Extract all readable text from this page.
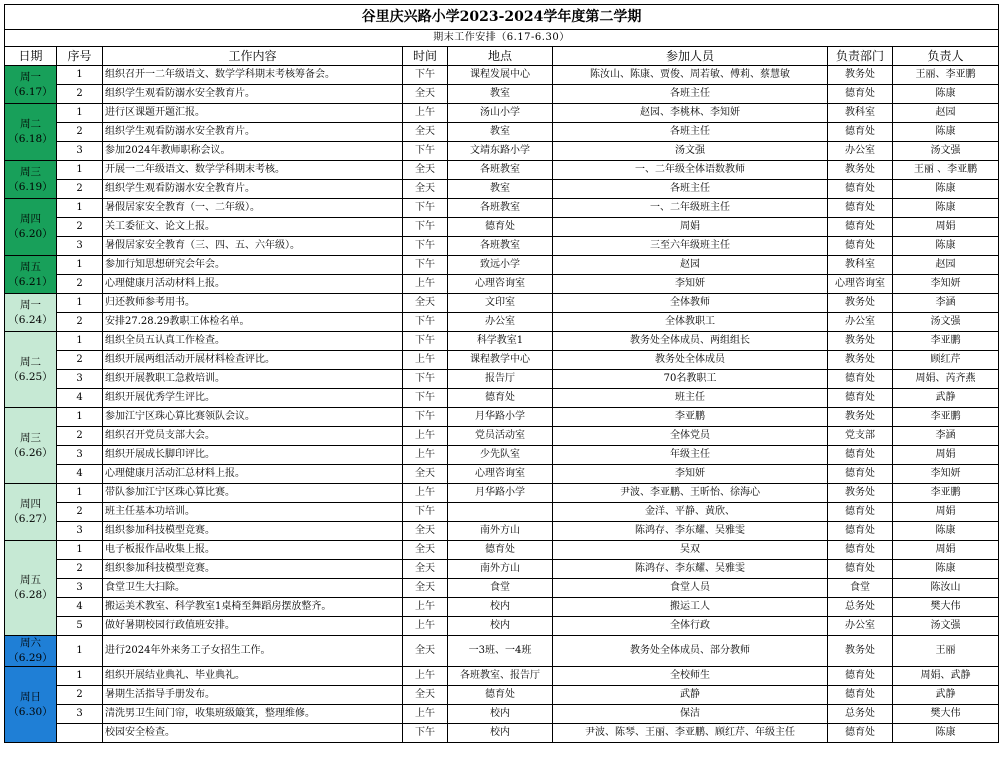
谷里庆兴路小学2023-2024学年度第二学期							
期末工作安排（6.17-6.30）							
日期	序号	工作内容	时间	地点	参加人员	负责部门	负责人

周一
（6.17）	1	组织召开一二年级语文、数学学科期末考核筹备会。	下午	课程发展中心	陈汝山、陈康、贾俊、周若敏、傅莉、蔡慧敏	教务处	王丽、李亚鹏
	2	组织学生观看防溺水安全教育片。	全天	教室	各班主任	德育处	陈康

周二
（6.18）	1	进行区课题开题汇报。	上午	汤山小学	赵园、李桃林、李知妍	教科室	赵园
	2	组织学生观看防溺水安全教育片。	全天	教室	各班主任	德育处	陈康
	3	参加2024年教师职称会议。	下午	文靖东路小学	汤文强	办公室	汤文强

周三
（6.19）	1	开展一二年级语文、数学学科期末考核。	全天	各班教室	一、二年级全体语数教师	教务处	王丽 、李亚鹏
	2	组织学生观看防溺水安全教育片。	全天	教室	各班主任	德育处	陈康

周四
（6.20）	1	暑假居家安全教育（一、二年级）。	下午	各班教室	一、二年级班主任	德育处	陈康
	2	关工委征文、论文上报。	下午	德育处	周娟	德育处	周娟
	3	暑假居家安全教育（三、四、五、六年级）。	下午	各班教室	三至六年级班主任	德育处	陈康

周五
（6.21）	1	参加行知思想研究会年会。	下午	致远小学	赵园	教科室	赵园
	2	心理健康月活动材料上报。	上午	心理咨询室	李知妍	心理咨询室	李知妍

周一
（6.24）	1	归还教师参考用书。	全天	文印室	全体教师	教务处	李涵
	2	安排27.28.29教职工体检名单。	下午	办公室	全体教职工	办公室	汤文强

周二
（6.25）	1	组织全员五认真工作检查。	下午	科学教室1	教务处全体成员、两组组长	教务处	李亚鹏
	2	组织开展两组活动开展材料检查评比。	上午	课程教学中心	教务处全体成员	教务处	顾红芹
	3	组织开展教职工急救培训。	下午	报告厅	70名教职工	德育处	周娟、芮齐燕
	4	组织开展优秀学生评比。	下午	德育处	班主任	德育处	武静

周三
（6.26）	1	参加江宁区珠心算比赛领队会议。	下午	月华路小学	李亚鹏	教务处	李亚鹏
	2	组织召开党员支部大会。	上午	党员活动室	全体党员	党支部	李涵
	3	组织开展成长脚印评比。	上午	少先队室	年级主任	德育处	周娟
	4	心理健康月活动汇总材料上报。	全天	心理咨询室	李知妍	德育处	李知妍

周四
（6.27）	1	带队参加江宁区珠心算比赛。	上午	月华路小学	尹波、李亚鹏、王昕怡、徐海心	教务处	李亚鹏
	2	班主任基本功培训。	下午		金洋、平静、黄欣、	德育处	周娟
	3	组织参加科技模型竞赛。	全天	南外方山	陈鸿存、李东耀、吴雅雯	德育处	陈康

周五
（6.28）	1	电子板报作品收集上报。	全天	德育处	吴双	德育处	周娟
	2	组织参加科技模型竞赛。	全天	南外方山	陈鸿存、李东耀、吴雅雯	德育处	陈康
	3	食堂卫生大扫除。	全天	食堂	食堂人员	食堂	陈汝山
	4	搬运美术教室、科学教室1桌椅至舞蹈房摆放整齐。	上午	校内	搬运工人	总务处	樊大伟
	5	做好暑期校园行政值班安排。	上午	校内	全体行政	办公室	汤文强

周六
（6.29）	1	进行2024年外来务工子女招生工作。	全天	一3班、一4班	教务处全体成员、部分教师	教务处	王丽

周日
（6.30）	1	组织开展结业典礼、毕业典礼。	上午	各班教室、报告厅	全校师生	德育处	周娟、武静
	2	暑期生活指导手册发布。	全天	德育处	武静	德育处	武静
	3	清洗男卫生间门帘，收集班级簸箕，整理维修。	上午	校内	保洁	总务处	樊大伟
		校园安全检查。	下午	校内	尹波、陈琴、王丽、李亚鹏、顾红芹、年级主任	德育处	陈康
